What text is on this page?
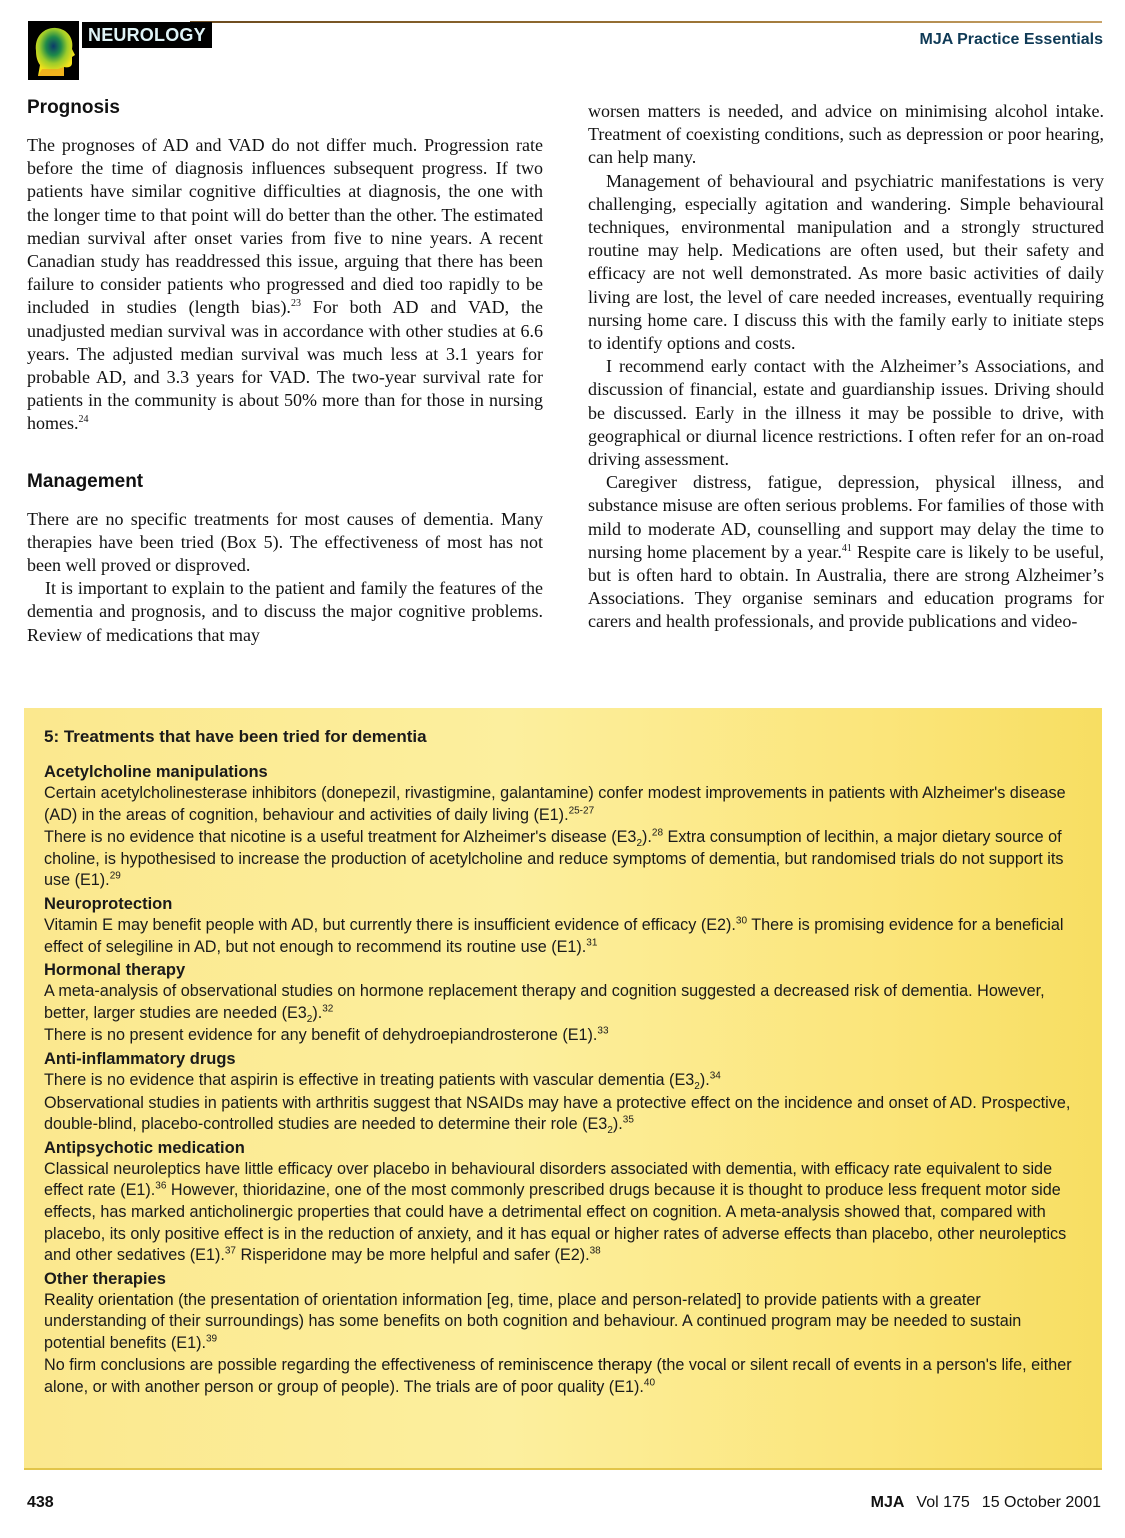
NEUROLOGY	MJA Practice Essentials
Prognosis

The prognoses of AD and VAD do not differ much. Progression rate before the time of diagnosis influences subsequent progress. If two patients have similar cognitive difficulties at diagnosis, the one with the longer time to that point will do better than the other. The estimated median survival after onset varies from five to nine years. A recent Canadian study has readdressed this issue, arguing that there has been failure to consider patients who progressed and died too rapidly to be included in studies (length bias).$^{23}$ For both AD and VAD, the unadjusted median survival was in accordance with other studies at 6.6 years. The adjusted median survival was much less at 3.1 years for probable AD, and 3.3 years for VAD. The two-year survival rate for patients in the community is about 50% more than for those in nursing homes.$^{24}$

Management

There are no specific treatments for most causes of dementia. Many therapies have been tried (Box 5). The effectiveness of most has not been well proved or disproved.

It is important to explain to the patient and family the features of the dementia and prognosis, and to discuss the major cognitive problems. Review of medications that may

worsen matters is needed, and advice on minimising alcohol intake. Treatment of coexisting conditions, such as depression or poor hearing, can help many.

Management of behavioural and psychiatric manifestations is very challenging, especially agitation and wandering. Simple behavioural techniques, environmental manipulation and a strongly structured routine may help. Medications are often used, but their safety and efficacy are not well demonstrated. As more basic activities of daily living are lost, the level of care needed increases, eventually requiring nursing home care. I discuss this with the family early to initiate steps to identify options and costs.

I recommend early contact with the Alzheimer’s Associations, and discussion of financial, estate and guardianship issues. Driving should be discussed. Early in the illness it may be possible to drive, with geographical or diurnal licence restrictions. I often refer for an on-road driving assessment.

Caregiver distress, fatigue, depression, physical illness, and substance misuse are often serious problems. For families of those with mild to moderate AD, counselling and support may delay the time to nursing home placement by a year.$^{41}$ Respite care is likely to be useful, but is often hard to obtain. In Australia, there are strong Alzheimer’s Associations. They organise seminars and education programs for carers and health professionals, and provide publications and video-

5: Treatments that have been tried for dementia
Acetylcholine manipulations

Certain acetylcholinesterase inhibitors (donepezil, rivastigmine, galantamine) confer modest improvements in patients with Alzheimer's disease (AD) in the areas of cognition, behaviour and activities of daily living (E1).$^{25-27}$

There is no evidence that nicotine is a useful treatment for Alzheimer's disease $(E3_2).^{28}$ Extra consumption of lecithin, a major dietary source of choline, is hypothesised to increase the production of acetylcholine and reduce symptoms of dementia, but randomised trials do not support its use (E1).$^{29}$

Neuroprotection

Vitamin E may benefit people with AD, but currently there is insufficient evidence of efficacy (E2).$^{30}$ There is promising evidence for a beneficial effect of selegiline in AD, but not enough to recommend its routine use (E1).$^{31}$

Hormonal therapy

A meta-analysis of observational studies on hormone replacement therapy and cognition suggested a decreased risk of dementia. However, better, larger studies are needed $(E3_2).^{32}$

There is no present evidence for any benefit of dehydroepiandrosterone (E1).$^{33}$

Anti-inflammatory drugs

There is no evidence that aspirin is effective in treating patients with vascular dementia $(E3_2).^{34}$

Observational studies in patients with arthritis suggest that NSAIDs may have a protective effect on the incidence and onset of AD. Prospective, double-blind, placebo-controlled studies are needed to determine their role $(E3_2).^{35}$

Antipsychotic medication

Classical neuroleptics have little efficacy over placebo in behavioural disorders associated with dementia, with efficacy rate equivalent to side effect rate (E1).$^{36}$ However, thioridazine, one of the most commonly prescribed drugs because it is thought to produce less frequent motor side effects, has marked anticholinergic properties that could have a detrimental effect on cognition. A meta-analysis showed that, compared with placebo, its only positive effect is in the reduction of anxiety, and it has equal or higher rates of adverse effects than placebo, other neuroleptics and other sedatives (E1).$^{37}$ Risperidone may be more helpful and safer (E2).$^{38}$

Other therapies

Reality orientation (the presentation of orientation information [eg, time, place and person-related] to provide patients with a greater understanding of their surroundings) has some benefits on both cognition and behaviour. A continued program may be needed to sustain potential benefits (E1).$^{39}$

No firm conclusions are possible regarding the effectiveness of reminiscence therapy (the vocal or silent recall of events in a person's life, either alone, or with another person or group of people). The trials are of poor quality (E1).$^{40}$

438	MJA Vol 175 15 October 2001
